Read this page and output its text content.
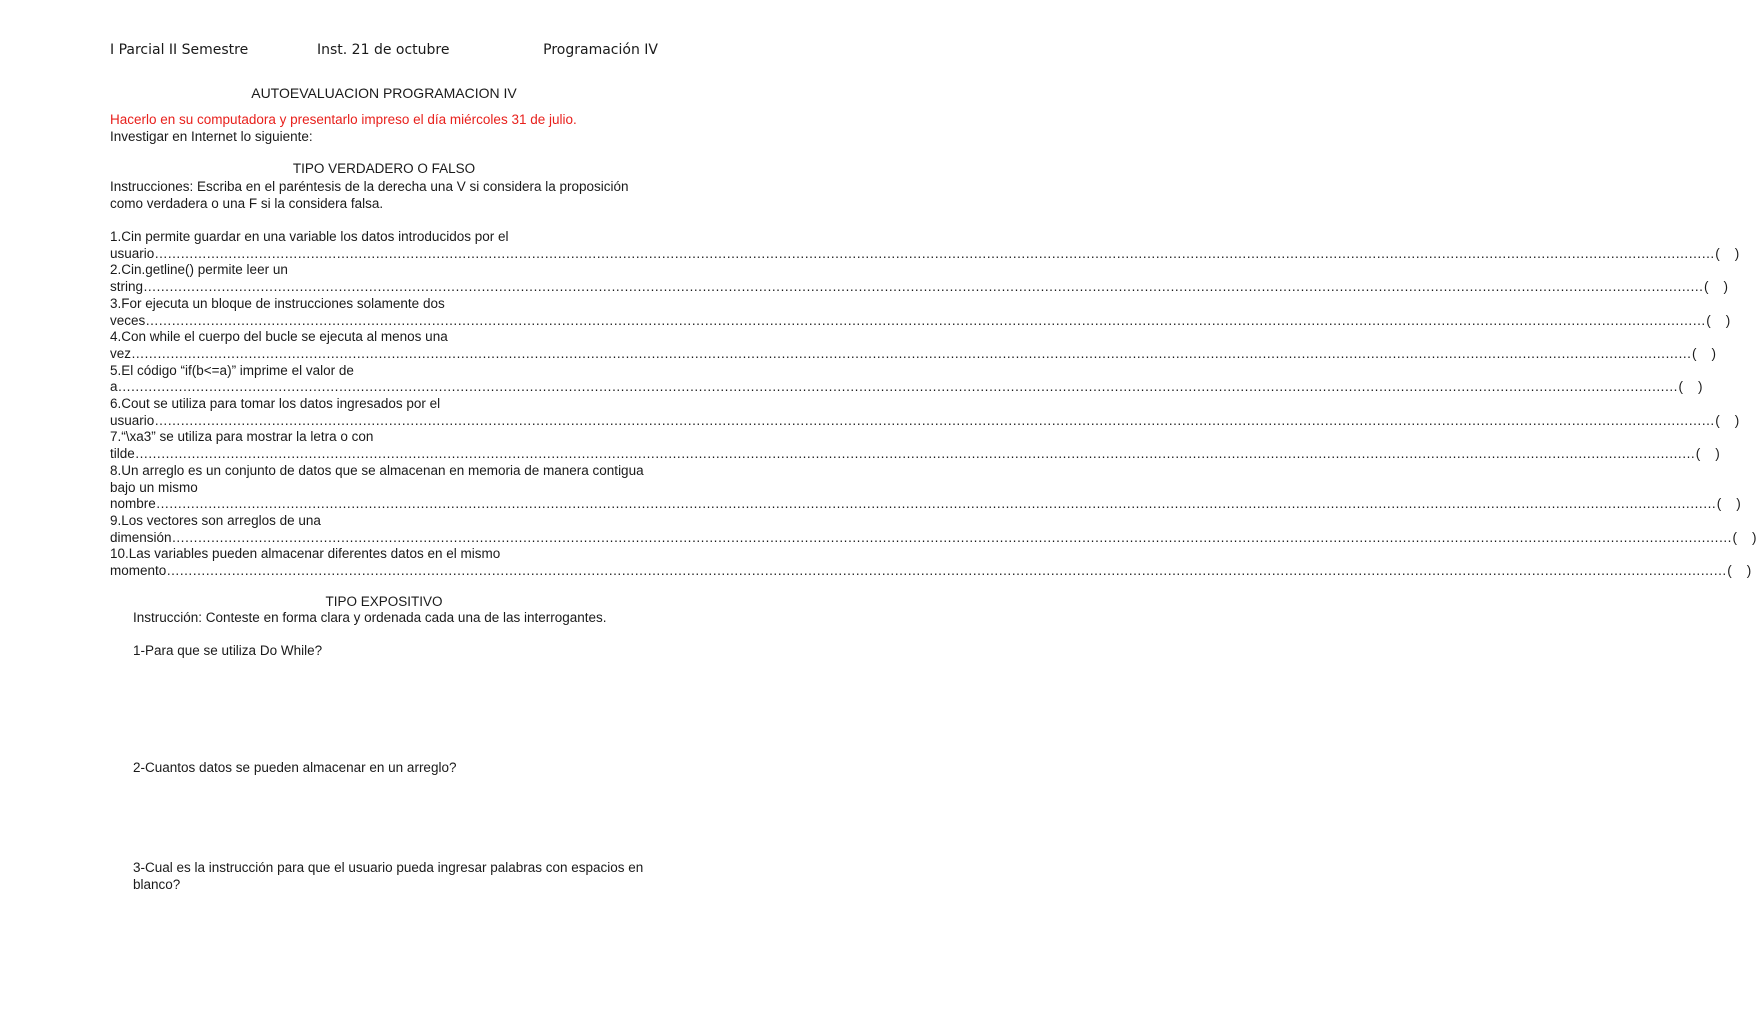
I Parcial II Semestre	Inst. 21 de octubre	Programación IV
AUTOEVALUACION PROGRAMACION IV
Hacerlo en su computadora y presentarlo impreso el día miércoles 31 de julio.
Investigar en Internet lo siguiente:
TIPO VERDADERO O FALSO
Instrucciones: Escriba en el paréntesis de la derecha una V si considera la proposición como verdadera o una F si la considera falsa.
1.Cin permite guardar en una variable los datos introducidos por el
usuario ……………………………………………………………………………………………………………………………………………………………………………………………………………………………………………………………………………………………………………………………… (    )
2.Cin.getline() permite leer un
string ……………………………………………………………………………………………………………………………………………………………………………………………………………………………………………………………………………………………………………………………… (    )
3.For ejecuta un bloque de instrucciones solamente dos
veces ……………………………………………………………………………………………………………………………………………………………………………………………………………………………………………………………………………………………………………………………… (    )
4.Con while el cuerpo del bucle se ejecuta al menos una
vez ……………………………………………………………………………………………………………………………………………………………………………………………………………………………………………………………………………………………………………………………… (    )
5.El código “if(b<=a)” imprime el valor de
a ……………………………………………………………………………………………………………………………………………………………………………………………………………………………………………………………………………………………………………………………… (    )
6.Cout se utiliza para tomar los datos ingresados por el
usuario ……………………………………………………………………………………………………………………………………………………………………………………………………………………………………………………………………………………………………………………………… (    )
7.“\xa3” se utiliza para mostrar la letra o con
tilde ……………………………………………………………………………………………………………………………………………………………………………………………………………………………………………………………………………………………………………………………… (    )
8.Un arreglo es un conjunto de datos que se almacenan en memoria de manera contigua bajo un mismo
nombre ……………………………………………………………………………………………………………………………………………………………………………………………………………………………………………………………………………………………………………………………… (    )
9.Los vectores son arreglos de una
dimensión ……………………………………………………………………………………………………………………………………………………………………………………………………………………………………………………………………………………………………………………………… (    )
10.Las variables pueden almacenar diferentes datos en el mismo
momento ……………………………………………………………………………………………………………………………………………………………………………………………………………………………………………………………………………………………………………………………… (    )
TIPO EXPOSITIVO
Instrucción: Conteste en forma clara y ordenada cada una de las interrogantes.
1-Para que se utiliza Do While?
2-Cuantos datos se pueden almacenar en un arreglo?
3-Cual es la instrucción para que el usuario pueda ingresar palabras con espacios en blanco?
